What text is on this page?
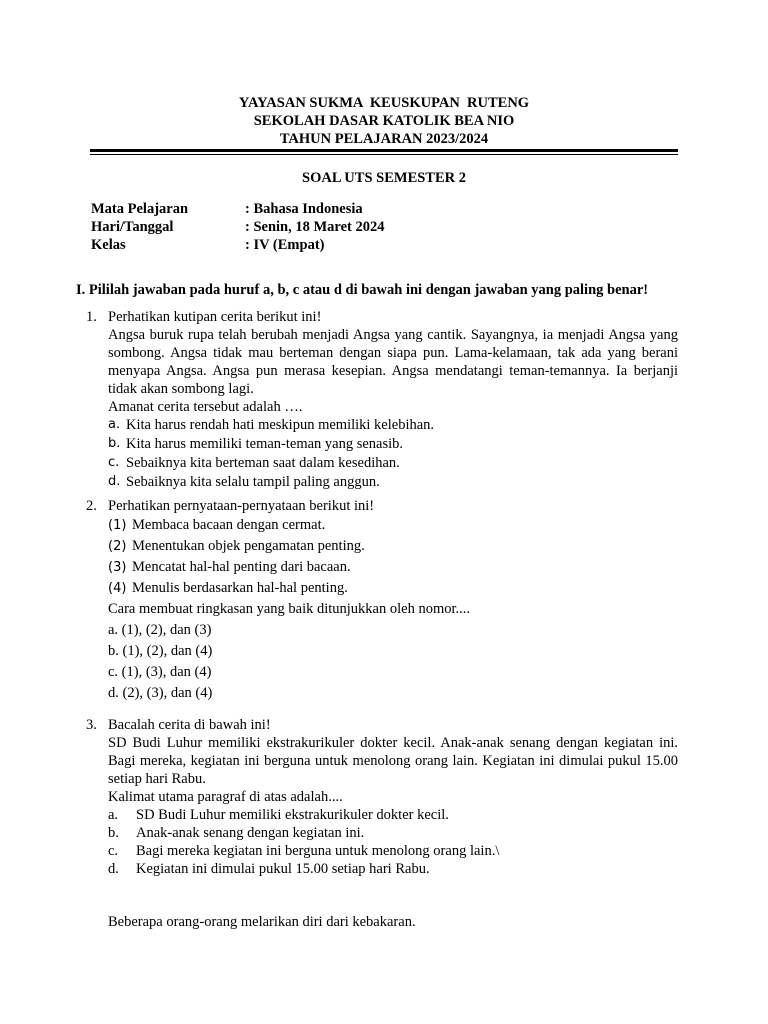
YAYASAN SUKMA  KEUSKUPAN  RUTENG
SEKOLAH DASAR KATOLIK BEA NIO
TAHUN PELAJARAN 2023/2024
SOAL UTS SEMESTER 2
Mata Pelajaran	: Bahasa Indonesia
Hari/Tanggal	: Senin, 18 Maret 2024
Kelas	: IV (Empat)
I. Pililah jawaban pada huruf a, b, c atau d di bawah ini dengan jawaban yang paling benar!
1. Perhatikan kutipan cerita berikut ini!
Angsa buruk rupa telah berubah menjadi Angsa yang cantik. Sayangnya, ia menjadi Angsa yang sombong. Angsa tidak mau berteman dengan siapa pun. Lama-kelamaan, tak ada yang berani menyapa Angsa. Angsa pun merasa kesepian. Angsa mendatangi teman-temannya. Ia berjanji tidak akan sombong lagi.
Amanat cerita tersebut adalah ….
a. Kita harus rendah hati meskipun memiliki kelebihan.
b. Kita harus memiliki teman-teman yang senasib.
c. Sebaiknya kita berteman saat dalam kesedihan.
d. Sebaiknya kita selalu tampil paling anggun.
2. Perhatikan pernyataan-pernyataan berikut ini!
(1) Membaca bacaan dengan cermat.
(2) Menentukan objek pengamatan penting.
(3) Mencatat hal-hal penting dari bacaan.
(4) Menulis berdasarkan hal-hal penting.
Cara membuat ringkasan yang baik ditunjukkan oleh nomor....
a. (1), (2), dan (3)
b. (1), (2), dan (4)
c. (1), (3), dan (4)
d. (2), (3), dan (4)
3. Bacalah cerita di bawah ini!
SD Budi Luhur memiliki ekstrakurikuler dokter kecil. Anak-anak senang dengan kegiatan ini. Bagi mereka, kegiatan ini berguna untuk menolong orang lain. Kegiatan ini dimulai pukul 15.00 setiap hari Rabu.
Kalimat utama paragraf di atas adalah....
a.	SD Budi Luhur memiliki ekstrakurikuler dokter kecil.
b.	Anak-anak senang dengan kegiatan ini.
c.	Bagi mereka kegiatan ini berguna untuk menolong orang lain.\
d.	Kegiatan ini dimulai pukul 15.00 setiap hari Rabu.
Beberapa orang-orang melarikan diri dari kebakaran.
